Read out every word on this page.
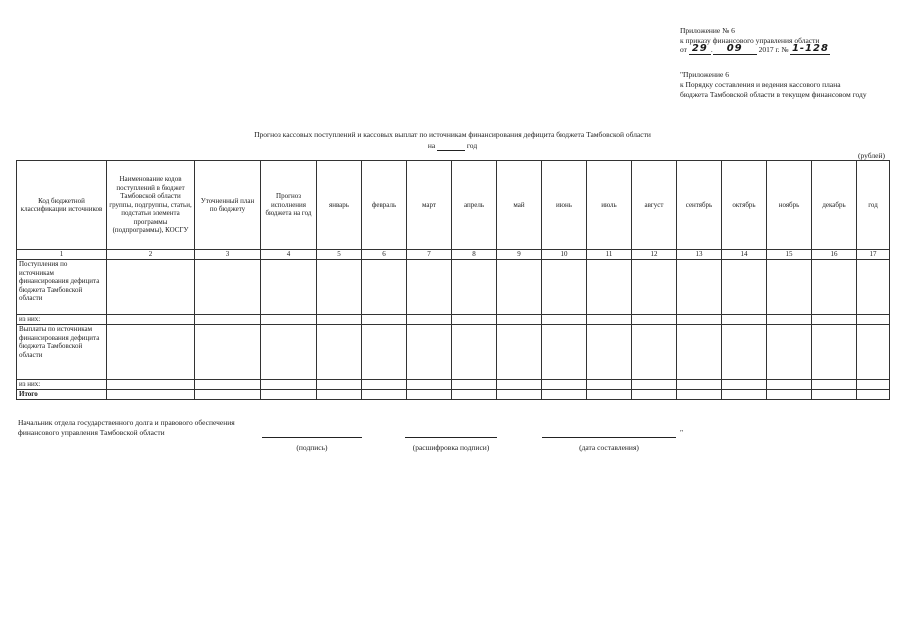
Приложение № 6
к приказу финансового управления области
от 29 . 09 2017 г. № 1-128
"Приложение 6
к Порядку составления и ведения кассового плана
бюджета Тамбовской области в текущем финансовом году
Прогноз кассовых поступлений и кассовых выплат по источникам финансирования дефицита бюджета Тамбовской области
на	год
(рублей)
Код бюджетной классификации источников	Наименование кодов поступлений в бюджет Тамбовской области группы, подгруппы, статьи, подстатьи элемента программы (подпрограммы), КОСГУ	Уточненный план по бюджету	Прогноз исполнения бюджета на год	январь	февраль	март	апрель	май	июнь	июль	август	сентябрь	октябрь	ноябрь	декабрь	год
1	2	3	4	5	6	7	8	9	10	11	12	13	14	15	16	17
Поступления по источникам финансирования дефицита бюджета Тамбовской области																
из них:																
Выплаты по источникам финансирования дефицита бюджета Тамбовской области																
из них:																
Итого																
Начальник отдела государственного долга и правового обеспечения
финансового управления Тамбовской области	"
(подпись)	(расшифровка подписи)	(дата составления)
